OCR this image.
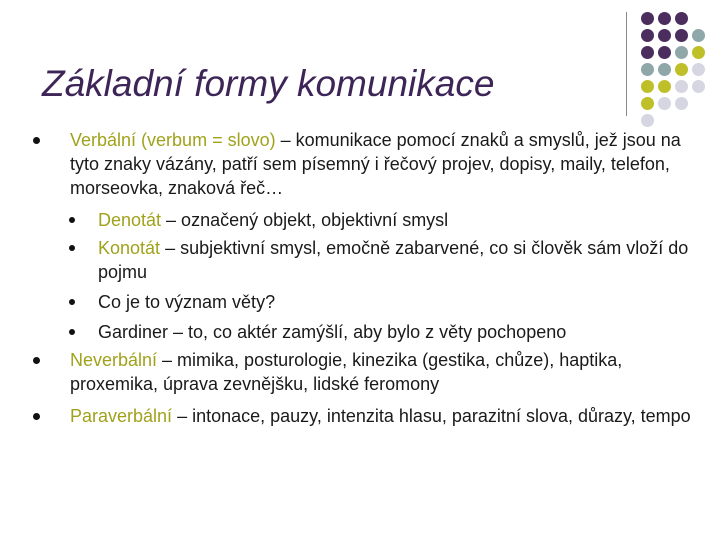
Základní formy komunikace
Verbální (verbum = slovo) – komunikace pomocí znaků a smyslů, jež jsou na tyto znaky vázány, patří sem písemný i řečový projev, dopisy, maily, telefon, morseovka, znaková řeč…
Denotát – označený objekt, objektivní smysl
Konotát – subjektivní smysl, emočně zabarvené, co si člověk sám vloží do pojmu
Co je to význam věty?
Gardiner – to, co aktér zamýšlí, aby bylo z věty pochopeno
Neverbální – mimika, posturologie, kinezika (gestika, chůze), haptika, proxemika, úprava zevnějšku, lidské feromony
Paraverbální – intonace, pauzy, intenzita hlasu, parazitní slova, důrazy, tempo
